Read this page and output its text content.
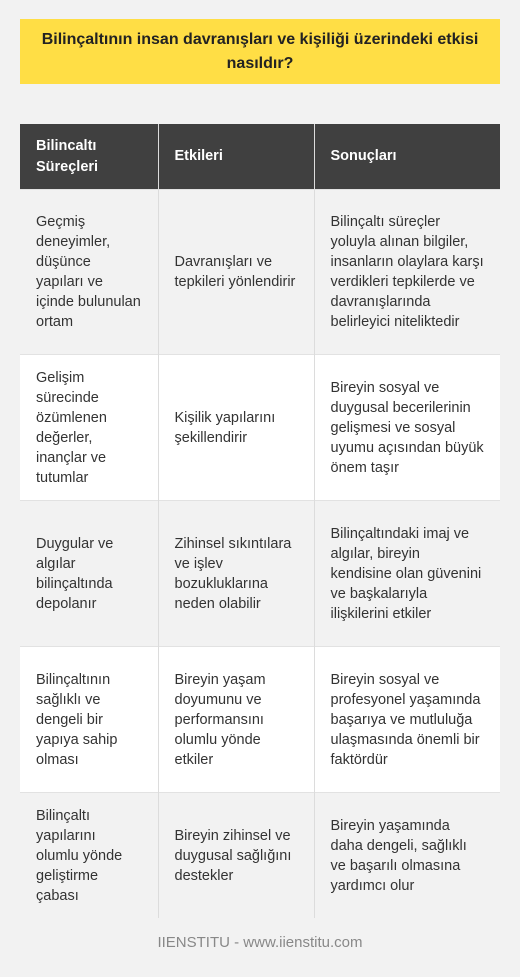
Bilinçaltının insan davranışları ve kişiliği üzerindeki etkisi nasıldır?
Bilincaltı Süreçleri	Etkileri	Sonuçları
Geçmiş deneyimler, düşünce yapıları ve içinde bulunulan ortam	Davranışları ve tepkileri yönlendirir	Bilinçaltı süreçler yoluyla alınan bilgiler, insanların olaylara karşı verdikleri tepkilerde ve davranışlarında belirleyici niteliktedir
Gelişim sürecinde özümlenen değerler, inançlar ve tutumlar	Kişilik yapılarını şekillendirir	Bireyin sosyal ve duygusal becerilerinin gelişmesi ve sosyal uyumu açısından büyük önem taşır
Duygular ve algılar bilinçaltında depolanır	Zihinsel sıkıntılara ve işlev bozukluklarına neden olabilir	Bilinçaltındaki imaj ve algılar, bireyin kendisine olan güvenini ve başkalarıyla ilişkilerini etkiler
Bilinçaltının sağlıklı ve dengeli bir yapıya sahip olması	Bireyin yaşam doyumunu ve performansını olumlu yönde etkiler	Bireyin sosyal ve profesyonel yaşamında başarıya ve mutluluğa ulaşmasında önemli bir faktördür
Bilinçaltı yapılarını olumlu yönde geliştirme çabası	Bireyin zihinsel ve duygusal sağlığını destekler	Bireyin yaşamında daha dengeli, sağlıklı ve başarılı olmasına yardımcı olur
IIENSTITU - www.iienstitu.com
